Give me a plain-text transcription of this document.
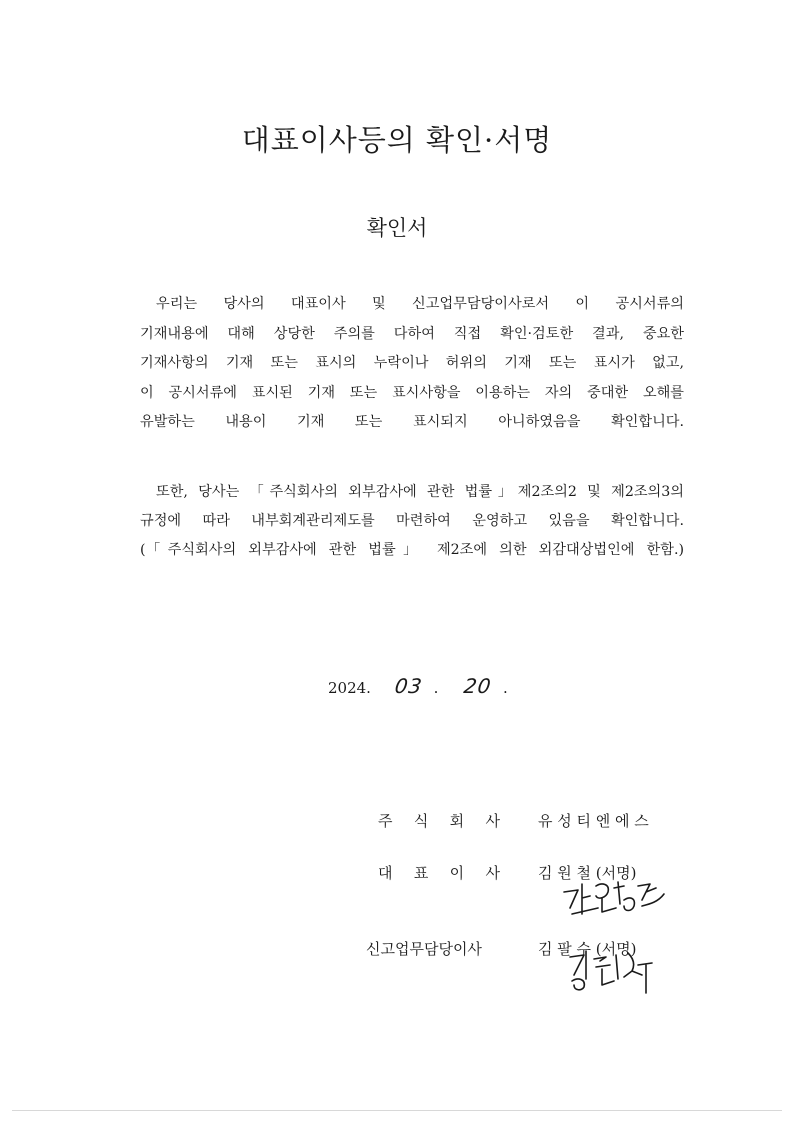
대표이사등의 확인·서명
확인서
우리는 당사의 대표이사 및 신고업무담당이사로서 이 공시서류의
기재내용에 대해 상당한 주의를 다하여 직접 확인·검토한 결과, 중요한
기재사항의 기재 또는 표시의 누락이나 허위의 기재 또는 표시가 없고,
이 공시서류에 표시된 기재 또는 표시사항을 이용하는 자의 중대한 오해를
유발하는 내용이 기재 또는 표시되지 아니하였음을 확인합니다.
또한, 당사는 「주식회사의 외부감사에 관한 법률」제2조의2 및 제2조의3의
규정에 따라 내부회계관리제도를 마련하여 운영하고 있음을 확인합니다.
(「주식회사의 외부감사에 관한 법률」 제2조에 의한 외감대상법인에 한함.)
2024. 03 . 20 .
주 식 회 사	유 성 티 엔 에 스
대 표 이 사	김 원 철 (서명)
신고업무담당이사	김 팔 수 (서명)
